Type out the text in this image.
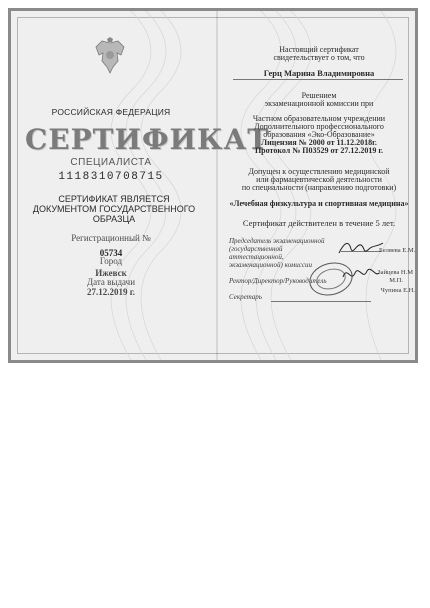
РОССИЙСКАЯ ФЕДЕРАЦИЯ
СЕРТИФИКАТ
СПЕЦИАЛИСТА
1118310708715
СЕРТИФИКАТ ЯВЛЯЕТСЯ ДОКУМЕНТОМ ГОСУДАРСТВЕННОГО ОБРАЗЦА
Регистрационный №
05734
Город
Ижевск
Дата выдачи
27.12.2019 г.
Настоящий сертификат
свидетельствует о том, что
Герц Марина Владимировна
Решением
экзаменационной комиссии при
Частном образовательном учреждении
Дополнительного профессионального
образования «Эко-Образование»
Лицензия № 2000 от 11.12.2018г.
Протокол № П03529 от 27.12.2019 г.
Допущен к осуществлению медицинской
или фармацевтической деятельности
по специальности (направлению подготовки)
«Лечебная физкультура и спортивная медицина»
Сертификат действителен в течение 5 лет.
Председатель экзаменационной (государственной аттестационной, экзаменационной) комиссии
Беляева Е.М.
Ректор/Директор/Руководитель
Зайцева Н.М
М.П.
Секретарь
Чупина Е.Н.
